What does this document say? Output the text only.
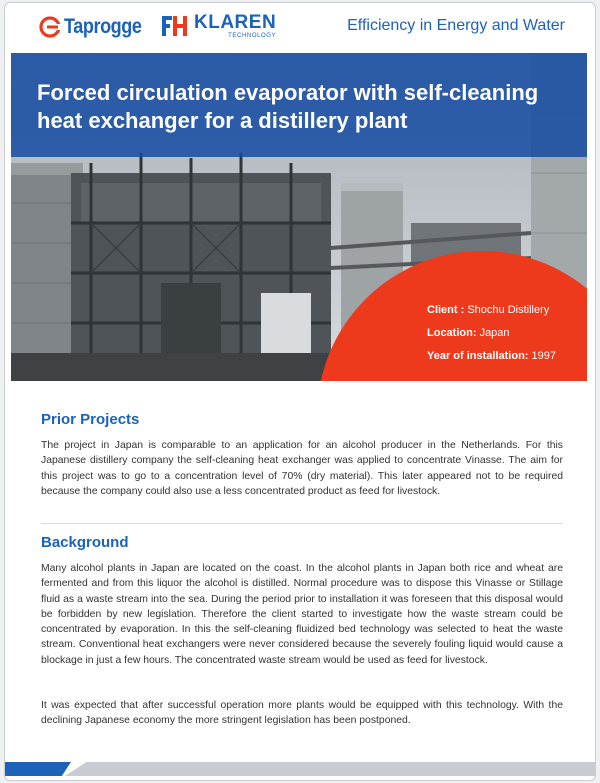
Taprogge	KLAREN
TECHNOLOGY
Efficiency in Energy and Water
Forced circulation evaporator with self-cleaning heat exchanger for a distillery plant
Client : Shochu Distillery
Location: Japan
Year of installation: 1997
Prior Projects
The project in Japan is comparable to an application for an alcohol producer in the Netherlands. For this Japanese distillery company the self-cleaning heat exchanger was applied to concentrate Vinasse. The aim for this project was to go to a concentration level of 70% (dry material). This later appeared not to be required because the company could also use a less concentrated product as feed for livestock.
Background
Many alcohol plants in Japan are located on the coast. In the alcohol plants in Japan both rice and wheat are fermented and from this liquor the alcohol is distilled. Normal procedure was to dispose this Vinasse or Stillage fluid as a waste stream into the sea. During the period prior to installation it was foreseen that this disposal would be forbidden by new legislation. Therefore the client started to investigate how the waste stream could be concentrated by evaporation. In this the self-cleaning fluidized bed technology was selected to heat the waste stream. Conventional heat exchangers were never considered because the severely fouling liquid would cause a blockage in just a few hours. The concentrated waste stream would be used as feed for livestock.
It was expected that after successful operation more plants would be equipped with this technology. With the declining Japanese economy the more stringent legislation has been postponed.
